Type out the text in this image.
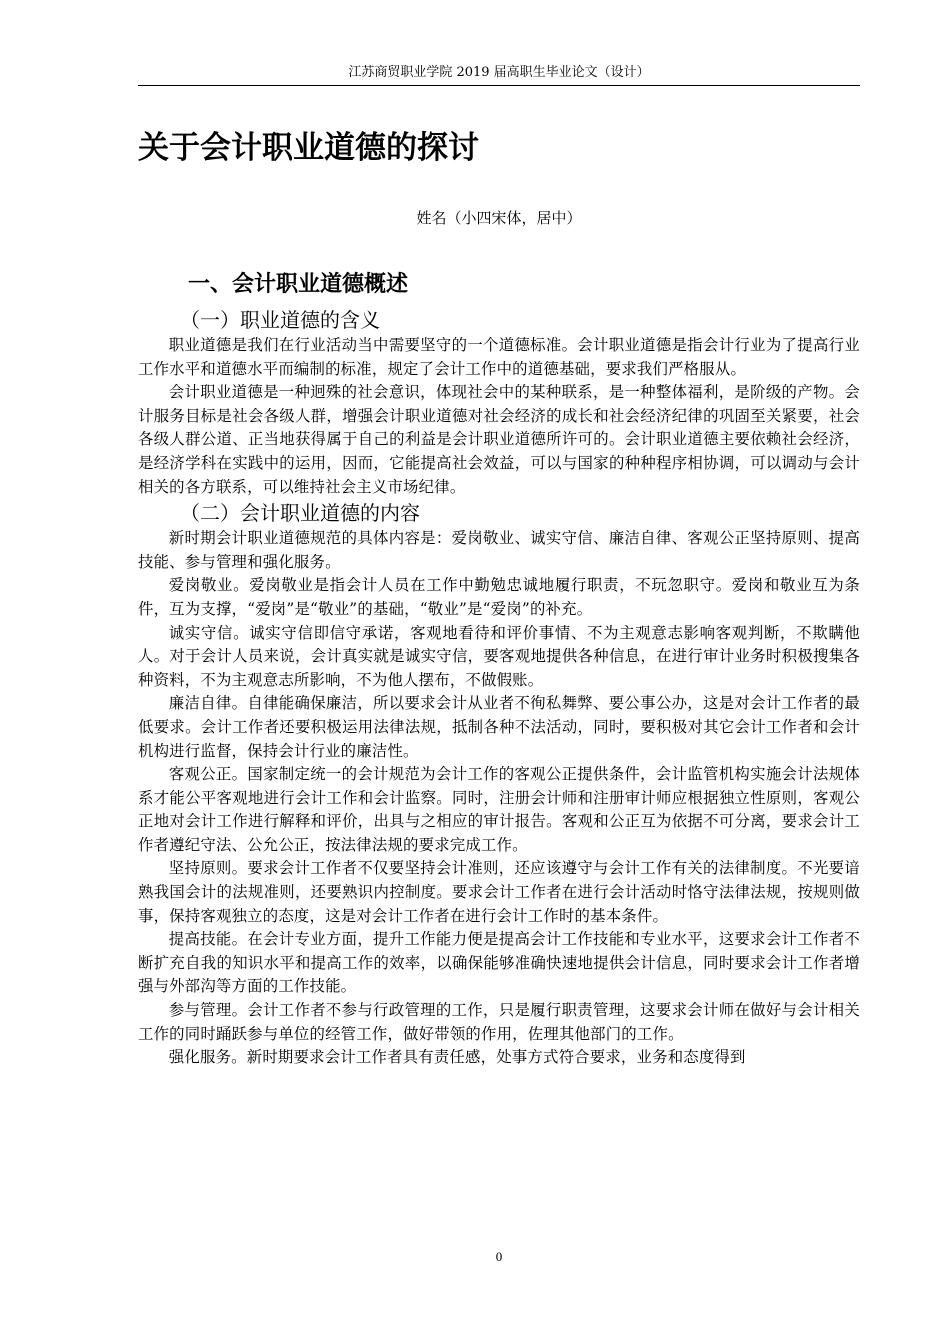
江苏商贸职业学院 2019 届高职生毕业论文（设计）
关于会计职业道德的探讨
姓名（小四宋体，居中）
一、会计职业道德概述
（一）职业道德的含义

职业道德是我们在行业活动当中需要坚守的一个道德标准。会计职业道德是指会计行业为了提高行业工作水平和道德水平而编制的标准，规定了会计工作中的道德基础，要求我们严格服从。

会计职业道德是一种迥殊的社会意识，体现社会中的某种联系，是一种整体福利，是阶级的产物。会计服务目标是社会各级人群，增强会计职业道德对社会经济的成长和社会经济纪律的巩固至关紧要，社会各级人群公道、正当地获得属于自己的利益是会计职业道德所许可的。会计职业道德主要依赖社会经济，是经济学科在实践中的运用，因而，它能提高社会效益，可以与国家的种种程序相协调，可以调动与会计相关的各方联系，可以维持社会主义市场纪律。

（二）会计职业道德的内容

新时期会计职业道德规范的具体内容是：爱岗敬业、诚实守信、廉洁自律、客观公正坚持原则、提高技能、参与管理和强化服务。

爱岗敬业。爱岗敬业是指会计人员在工作中勤勉忠诚地履行职责，不玩忽职守。爱岗和敬业互为条件，互为支撑，“爱岗”是“敬业”的基础，“敬业”是“爱岗”的补充。

诚实守信。诚实守信即信守承诺，客观地看待和评价事情、不为主观意志影响客观判断，不欺瞒他人。对于会计人员来说，会计真实就是诚实守信，要客观地提供各种信息，在进行审计业务时积极搜集各种资料，不为主观意志所影响，不为他人摆布，不做假账。

廉洁自律。自律能确保廉洁，所以要求会计从业者不徇私舞弊、要公事公办，这是对会计工作者的最低要求。会计工作者还要积极运用法律法规，抵制各种不法活动，同时，要积极对其它会计工作者和会计机构进行监督，保持会计行业的廉洁性。

客观公正。国家制定统一的会计规范为会计工作的客观公正提供条件，会计监管机构实施会计法规体系才能公平客观地进行会计工作和会计监察。同时，注册会计师和注册审计师应根据独立性原则，客观公正地对会计工作进行解释和评价，出具与之相应的审计报告。客观和公正互为依据不可分离，要求会计工作者遵纪守法、公允公正，按法律法规的要求完成工作。

坚持原则。要求会计工作者不仅要坚持会计准则，还应该遵守与会计工作有关的法律制度。不光要谙熟我国会计的法规准则，还要熟识内控制度。要求会计工作者在进行会计活动时恪守法律法规，按规则做事，保持客观独立的态度，这是对会计工作者在进行会计工作时的基本条件。

提高技能。在会计专业方面，提升工作能力便是提高会计工作技能和专业水平，这要求会计工作者不断扩充自我的知识水平和提高工作的效率，以确保能够准确快速地提供会计信息，同时要求会计工作者增强与外部沟等方面的工作技能。

参与管理。会计工作者不参与行政管理的工作，只是履行职责管理，这要求会计师在做好与会计相关工作的同时踊跃参与单位的经管工作，做好带领的作用，佐理其他部门的工作。

强化服务。新时期要求会计工作者具有责任感，处事方式符合要求，业务和态度得到

0
